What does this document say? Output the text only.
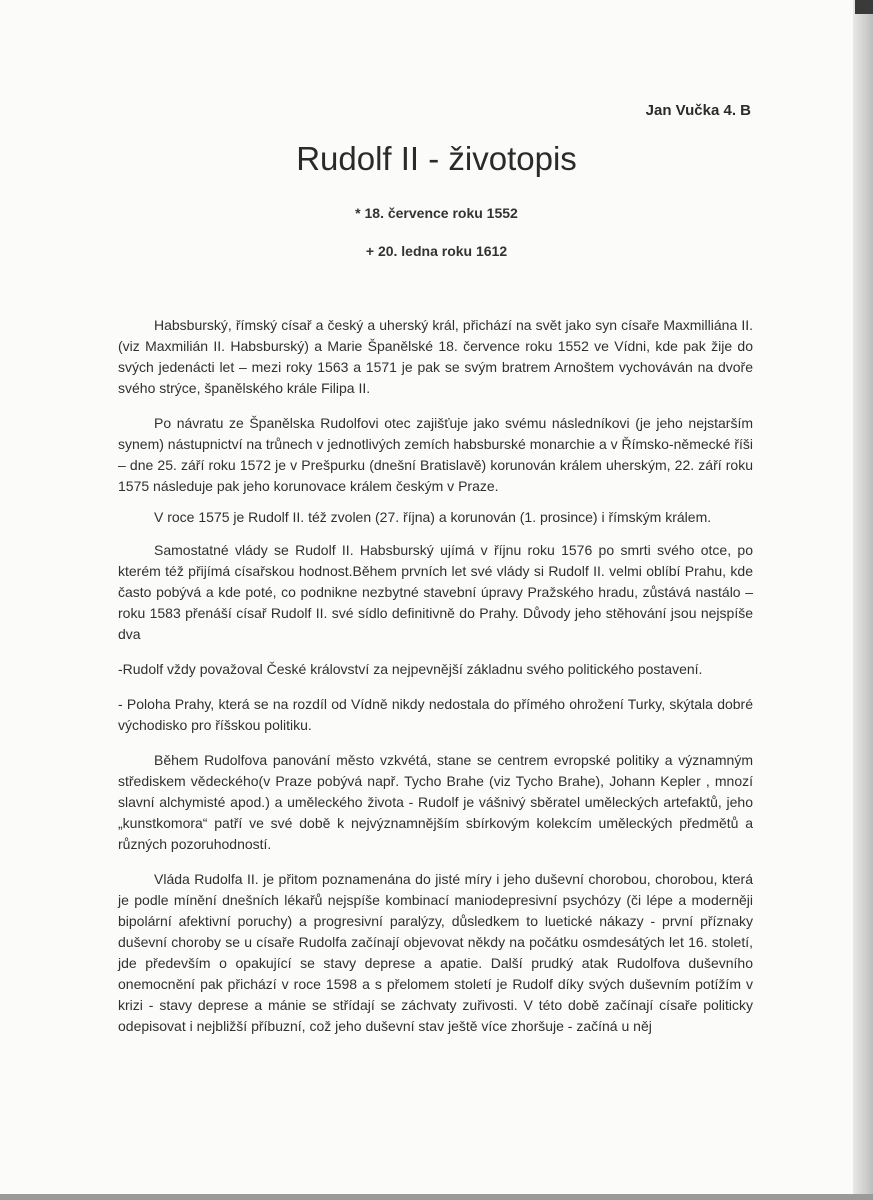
Jan Vučka 4. B
Rudolf II - životopis
* 18. července roku 1552
+ 20. ledna roku 1612

Habsburský, římský císař a český a uherský král, přichází na svět jako syn císaře Maxmilliána II. (viz Maxmilián II. Habsburský) a Marie Španělské 18. července roku 1552 ve Vídni, kde pak žije do svých jedenácti let – mezi roky 1563 a 1571 je pak se svým bratrem Arnoštem vychováván na dvoře svého strýce, španělského krále Filipa II.

Po návratu ze Španělska Rudolfovi otec zajišťuje jako svému následníkovi (je jeho nejstarším synem) nástupnictví na trůnech v jednotlivých zemích habsburské monarchie a v Římsko-německé říši – dne 25. září roku 1572 je v Prešpurku (dnešní Bratislavě) korunován králem uherským, 22. září roku 1575 následuje pak jeho korunovace králem českým v Praze.

V roce 1575 je Rudolf II. též zvolen (27. října) a korunován (1. prosince) i římským králem.

Samostatné vlády se Rudolf II. Habsburský ujímá v říjnu roku 1576 po smrti svého otce, po kterém též přijímá císařskou hodnost.Během prvních let své vlády si Rudolf II. velmi oblíbí Prahu, kde často pobývá a kde poté, co podnikne nezbytné stavební úpravy Pražského hradu, zůstává nastálo – roku 1583 přenáší císař Rudolf II. své sídlo definitivně do Prahy. Důvody jeho stěhování jsou nejspíše dva

-Rudolf vždy považoval České království za nejpevnější základnu svého politického postavení.

- Poloha Prahy, která se na rozdíl od Vídně nikdy nedostala do přímého ohrožení Turky, skýtala dobré východisko pro říšskou politiku.

Během Rudolfova panování město vzkvétá, stane se centrem evropské politiky a významným střediskem vědeckého(v Praze pobývá např. Tycho Brahe (viz Tycho Brahe), Johann Kepler , mnozí slavní alchymisté apod.) a uměleckého života - Rudolf je vášnivý sběratel uměleckých artefaktů, jeho „kunstkomora“ patří ve své době k nejvýznamnějším sbírkovým kolekcím uměleckých předmětů a různých pozoruhodností.

Vláda Rudolfa II. je přitom poznamenána do jisté míry i jeho duševní chorobou, chorobou, která je podle mínění dnešních lékařů nejspíše kombinací maniodepresivní psychózy (či lépe a moderněji bipolární afektivní poruchy) a progresivní paralýzy, důsledkem to luetické nákazy - první příznaky duševní choroby se u císaře Rudolfa začínají objevovat někdy na počátku osmdesátých let 16. století, jde především o opakující se stavy deprese a apatie. Další prudký atak Rudolfova duševního onemocnění pak přichází v roce 1598 a s přelomem století je Rudolf díky svých duševním potížím v krizi - stavy deprese a mánie se střídají se záchvaty zuřivosti. V této době začínají císaře politicky odepisovat i nejbližší příbuzní, což jeho duševní stav ještě více zhoršuje - začíná u něj
